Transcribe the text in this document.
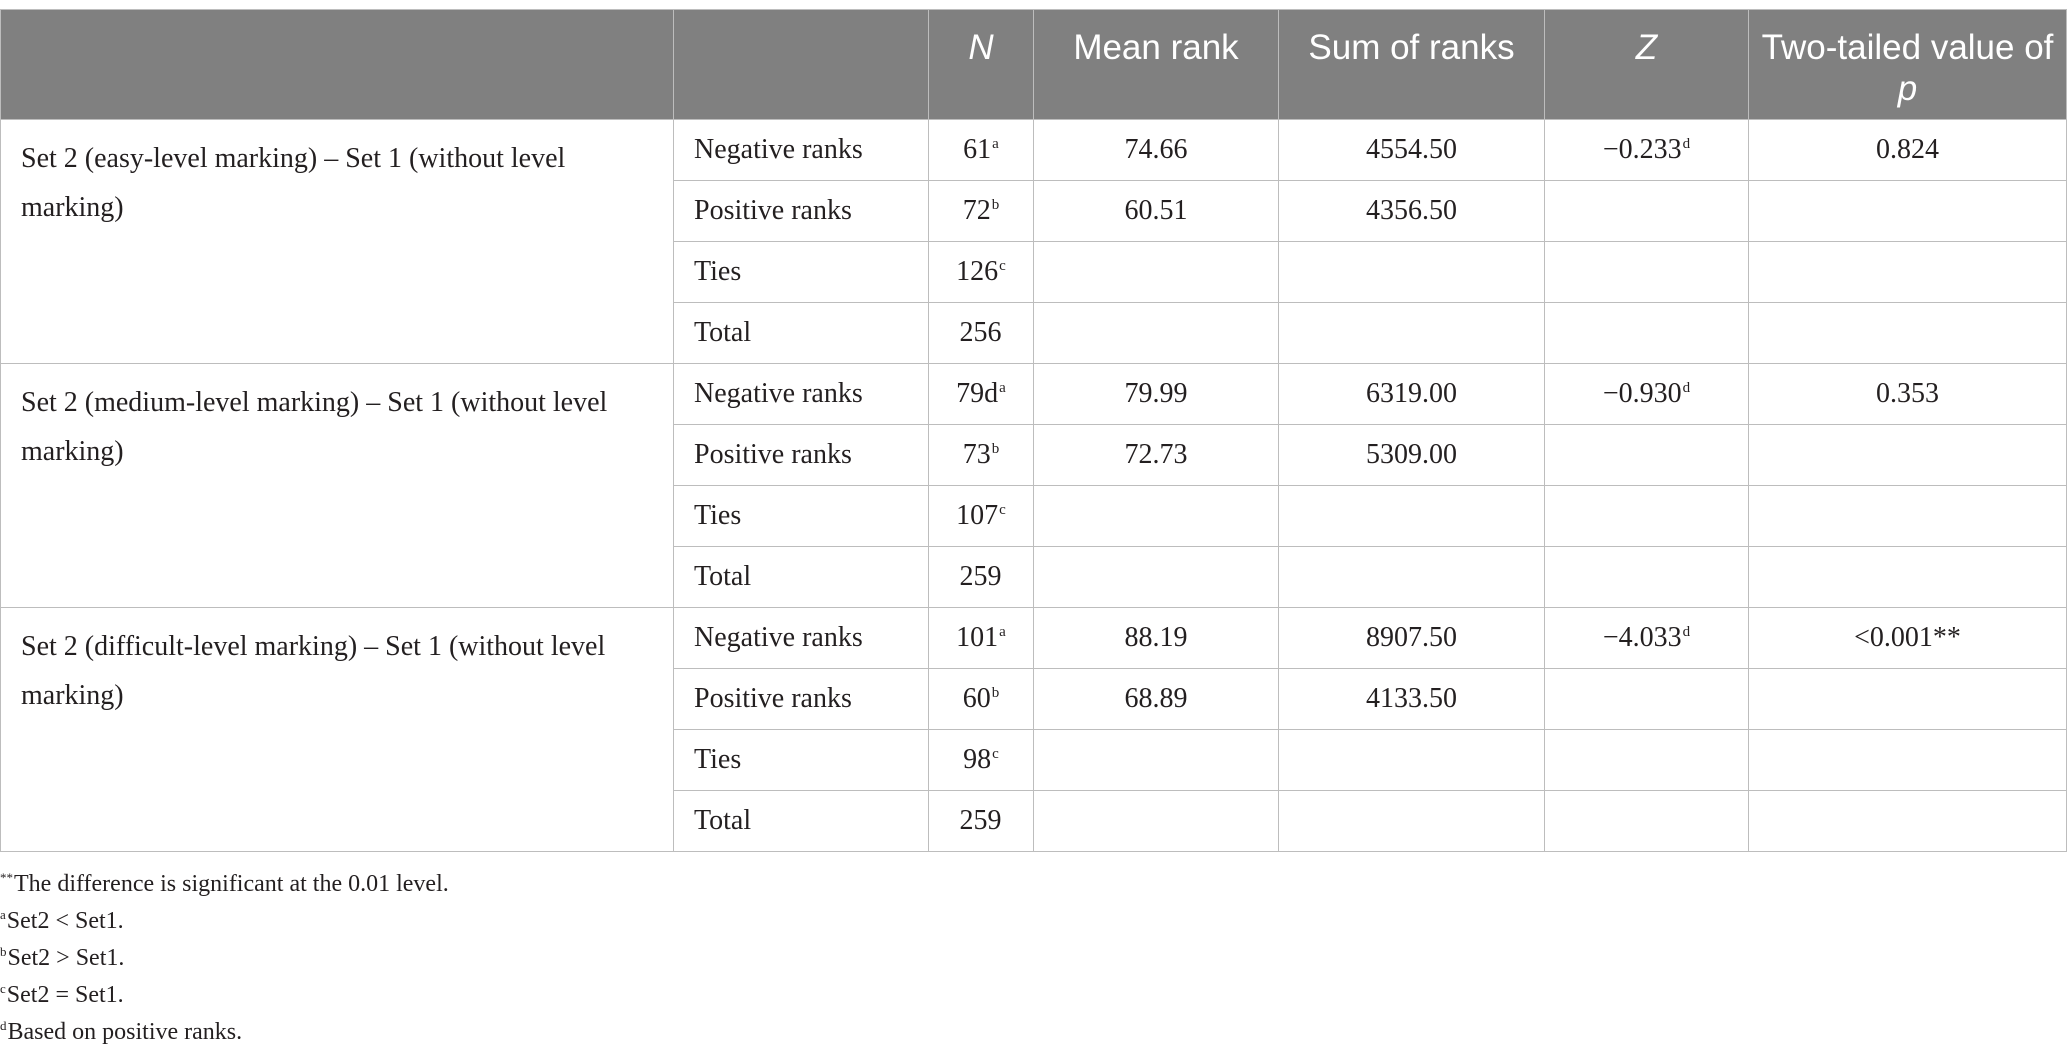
		N	Mean rank	Sum of ranks	Z	Two-tailed value of p

Set 2 (easy-level marking) – Set 1 (without level marking)	Negative ranks	61$^a$	74.66	4554.50	−0.233$^d$	0.824
	Positive ranks	72$^b$	60.51	4356.50		
	Ties	126$^c$				
	Total	256				
Set 2 (medium-level marking) – Set 1 (without level marking)	Negative ranks	$79d^a$	79.99	6319.00	−0.930$^d$	0.353
	Positive ranks	73$^b$	72.73	5309.00		
	Ties	107$^c$				
	Total	259				
Set 2 (difficult-level marking) – Set 1 (without level marking)	Negative ranks	101$^a$	88.19	8907.50	−4.033$^d$	<0.001**
	Positive ranks	60$^b$	68.89	4133.50		
	Ties	98$^c$				
	Total	259				
**The difference is significant at the 0.01 level.
$^a$Set2 < Set1.
$^b$Set2 > Set1.
$^c$Set2 = Set1.
$^d$Based on positive ranks.
